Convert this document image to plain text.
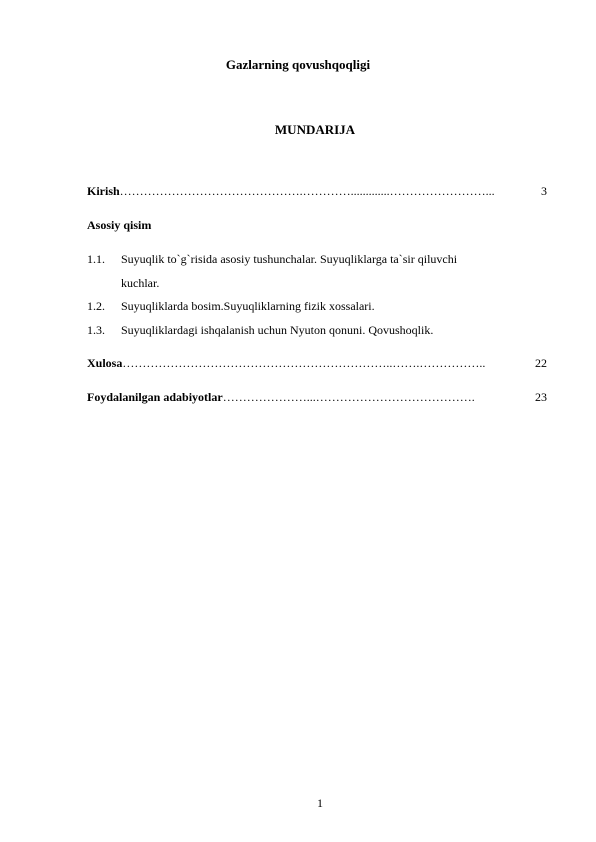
Gazlarning qovushqoqligi
MUNDARIJA
Kirish ……………………………………….………….............……………………...	3
Asosiy qisim
1.1. Suyuqlik to`g`risida asosiy tushunchalar. Suyuqliklarga ta`sir qiluvchi
kuchlar.
1.2. Suyuqliklarda bosim.Suyuqliklarning fizik xossalari.
1.3. Suyuqliklardagi ishqalanish uchun Nyuton qonuni. Qovushoqlik.
Xulosa …………………………………………………………..…….……………..	22
Foydalanilgan adabiyotlar …………………...………………………………….	23
1
